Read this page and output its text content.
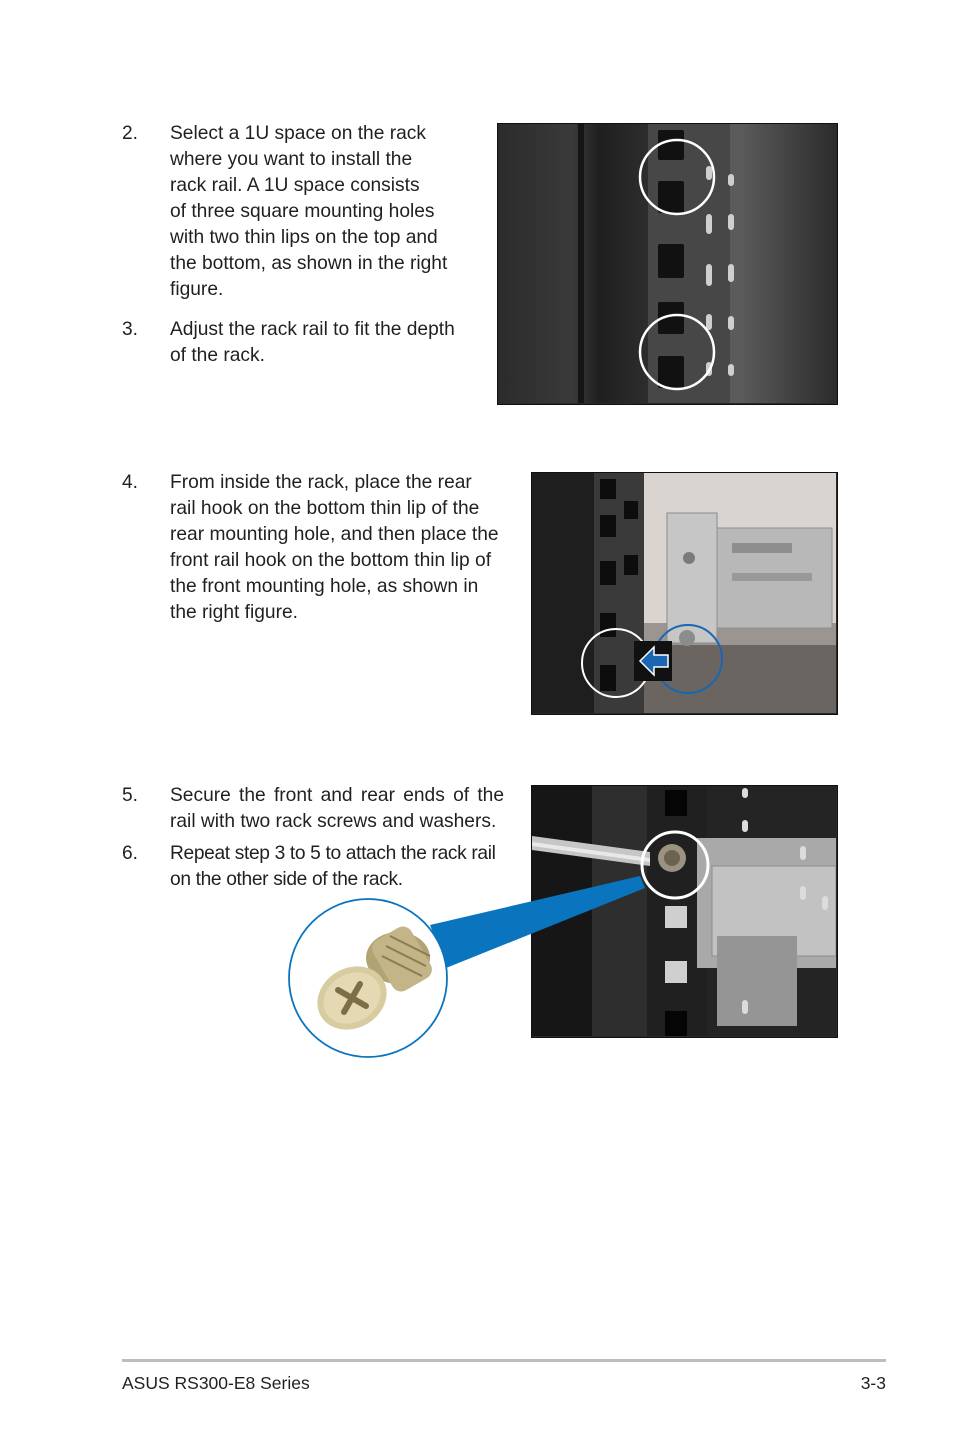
2.	Select a 1U space on the rack
where you want to install the
rack rail. A 1U space consists
of three square mounting holes
with two thin lips on the top and
the bottom, as shown in the right
figure.
3.	Adjust the rack rail to fit the depth
of the rack.
4.	From inside the rack, place the rear
rail hook on the bottom thin lip of the
rear mounting hole, and then place the
front rail hook on the bottom thin lip of
the front mounting hole, as shown in
the right figure.
5.	Secure the front and rear ends of the
rail with two rack screws and washers.
6.	Repeat step 3 to 5 to attach the rack rail
on the other side of the rack.
ASUS RS300-E8 Series	3-3
